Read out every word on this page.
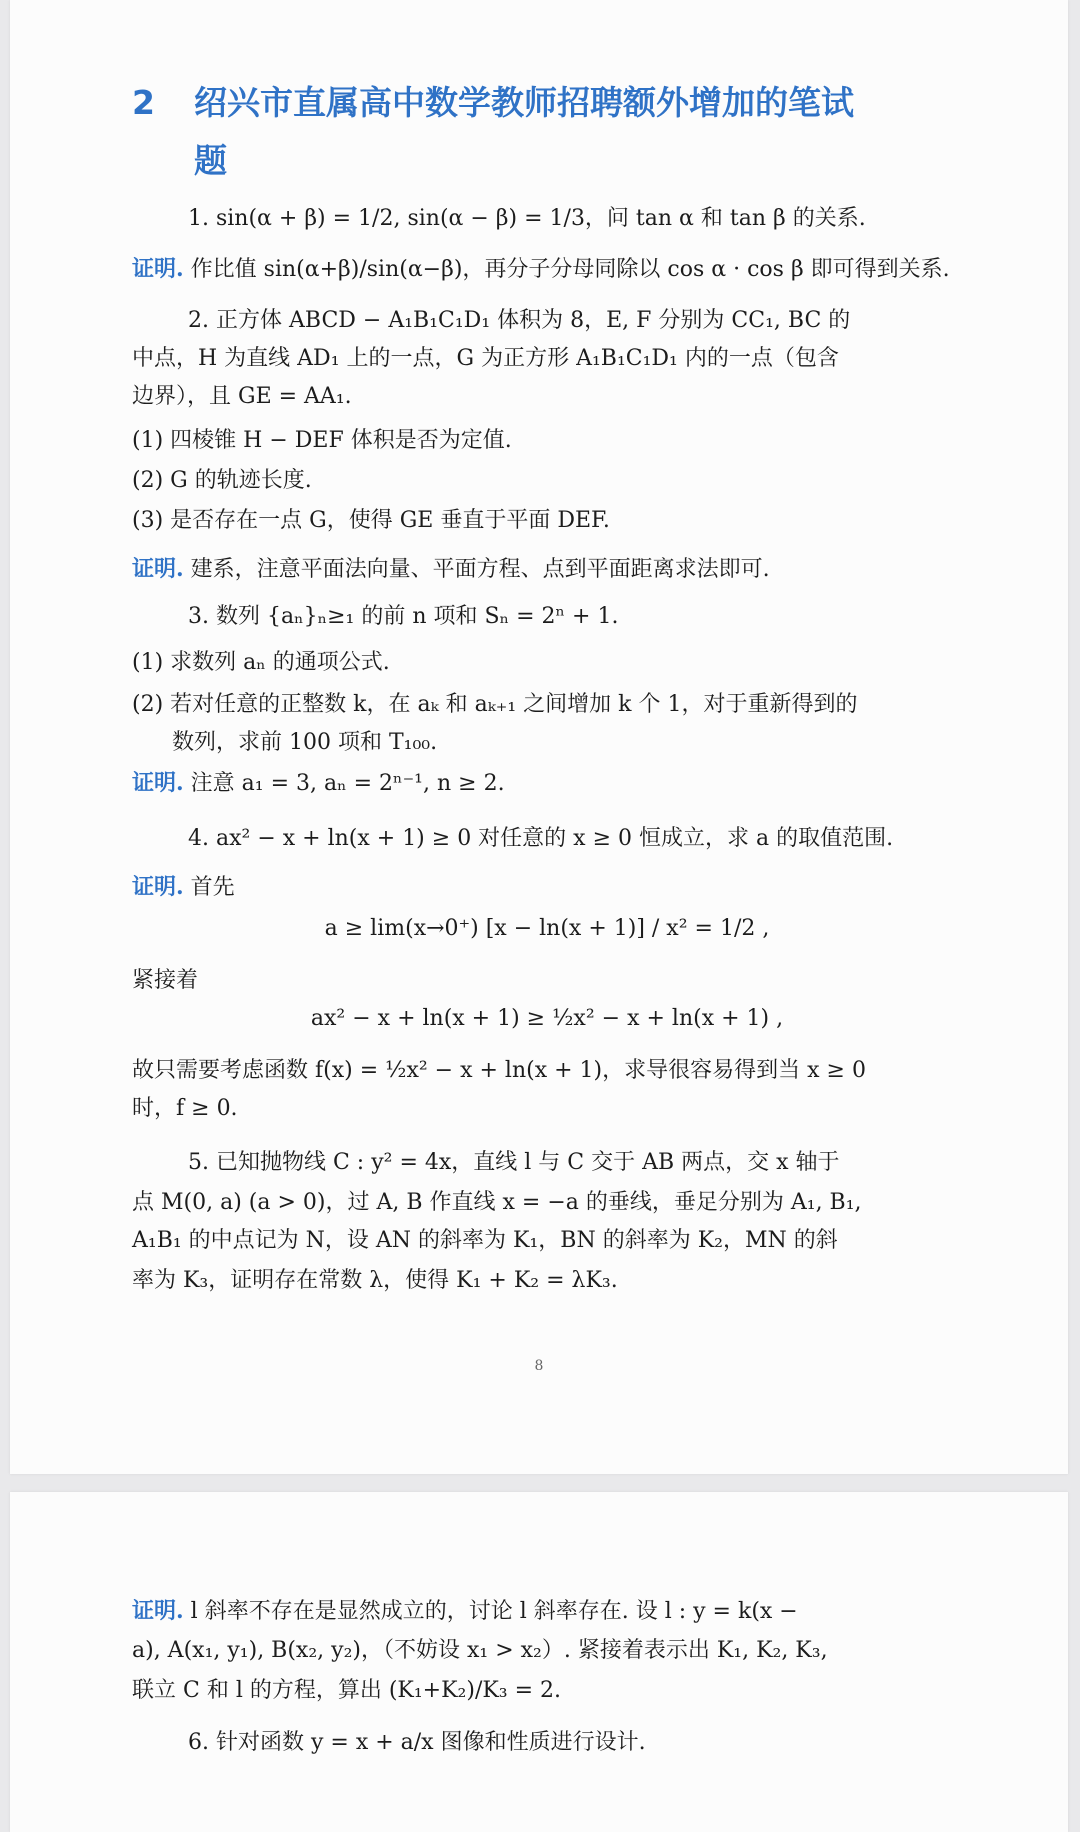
2 绍兴市直属高中数学教师招聘额外增加的笔试
题
1. sin(α + β) = 1/2, sin(α − β) = 1/3，问 tan α 和 tan β 的关系.
证明. 作比值 sin(α+β)/sin(α−β)，再分子分母同除以 cos α · cos β 即可得到关系.
2. 正方体 ABCD − A₁B₁C₁D₁ 体积为 8，E, F 分别为 CC₁, BC 的
中点，H 为直线 AD₁ 上的一点，G 为正方形 A₁B₁C₁D₁ 内的一点（包含
边界），且 GE = AA₁.
(1) 四棱锥 H − DEF 体积是否为定值.
(2) G 的轨迹长度.
(3) 是否存在一点 G，使得 GE 垂直于平面 DEF.
证明. 建系，注意平面法向量、平面方程、点到平面距离求法即可.
3. 数列 {aₙ}ₙ≥₁ 的前 n 项和 Sₙ = 2ⁿ + 1.
(1) 求数列 aₙ 的通项公式.
(2) 若对任意的正整数 k，在 aₖ 和 aₖ₊₁ 之间增加 k 个 1，对于重新得到的
数列，求前 100 项和 T₁₀₀.
证明. 注意 a₁ = 3, aₙ = 2ⁿ⁻¹, n ≥ 2.
4. ax² − x + ln(x + 1) ≥ 0 对任意的 x ≥ 0 恒成立，求 a 的取值范围.
证明. 首先
a ≥ lim(x→0⁺) [x − ln(x + 1)] / x² = 1/2 ,
紧接着
ax² − x + ln(x + 1) ≥ ½x² − x + ln(x + 1) ,
故只需要考虑函数 f(x) = ½x² − x + ln(x + 1)，求导很容易得到当 x ≥ 0
时，f ≥ 0.
5. 已知抛物线 C : y² = 4x，直线 l 与 C 交于 AB 两点，交 x 轴于
点 M(0, a) (a > 0)，过 A, B 作直线 x = −a 的垂线，垂足分别为 A₁, B₁,
A₁B₁ 的中点记为 N，设 AN 的斜率为 K₁，BN 的斜率为 K₂，MN 的斜
率为 K₃，证明存在常数 λ，使得 K₁ + K₂ = λK₃.
8
证明. l 斜率不存在是显然成立的，讨论 l 斜率存在. 设 l : y = k(x −
a), A(x₁, y₁), B(x₂, y₂)，（不妨设 x₁ > x₂）. 紧接着表示出 K₁, K₂, K₃,
联立 C 和 l 的方程，算出 (K₁+K₂)/K₃ = 2.
6. 针对函数 y = x + a/x 图像和性质进行设计.
